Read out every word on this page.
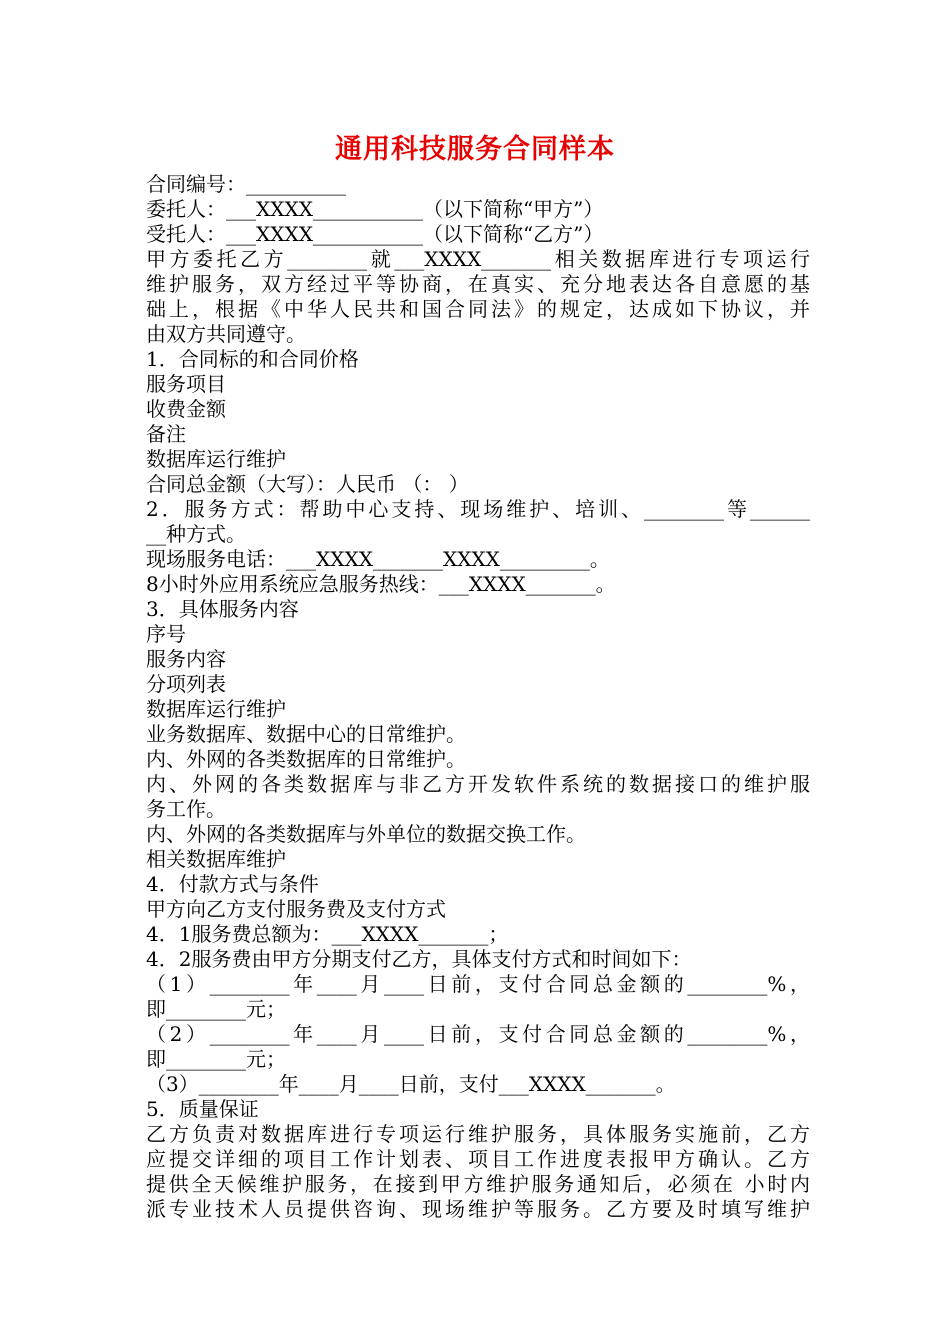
通用科技服务合同样本
合同编号：__________
委托人：___XXXX___________（以下简称“甲方”）
受托人：___XXXX___________（以下简称“乙方”）
甲方委托乙方________就___XXXX_______相关数据库进行专项运行
维护服务，双方经过平等协商，在真实、充分地表达各自意愿的基
础上，根据《中华人民共和国合同法》的规定，达成如下协议，并
由双方共同遵守。
1．合同标的和合同价格
服务项目
收费金额
备注
数据库运行维护
合同总金额（大写）：人民币 （： ）
2．服务方式：帮助中心支持、现场维护、培训、________等______
__种方式。
现场服务电话：___XXXX_______XXXX_________。
8小时外应用系统应急服务热线：___XXXX_______。
3．具体服务内容
序号
服务内容
分项列表
数据库运行维护
业务数据库、数据中心的日常维护。
内、外网的各类数据库的日常维护。
内、外网的各类数据库与非乙方开发软件系统的数据接口的维护服
务工作。
内、外网的各类数据库与外单位的数据交换工作。
相关数据库维护
4．付款方式与条件
甲方向乙方支付服务费及支付方式
4．1服务费总额为：___XXXX_______；
4．2服务费由甲方分期支付乙方，具体支付方式和时间如下：
（1）________年____月____日前，支付合同总金额的________%，
即________元；
（2）________年____月____日前，支付合同总金额的________%，
即________元；
（3）________年____月____日前，支付___XXXX_______。
5．质量保证
乙方负责对数据库进行专项运行维护服务，具体服务实施前，乙方
应提交详细的项目工作计划表、项目工作进度表报甲方确认。乙方
提供全天候维护服务，在接到甲方维护服务通知后，必须在 小时内
派专业技术人员提供咨询、现场维护等服务。乙方要及时填写维护
